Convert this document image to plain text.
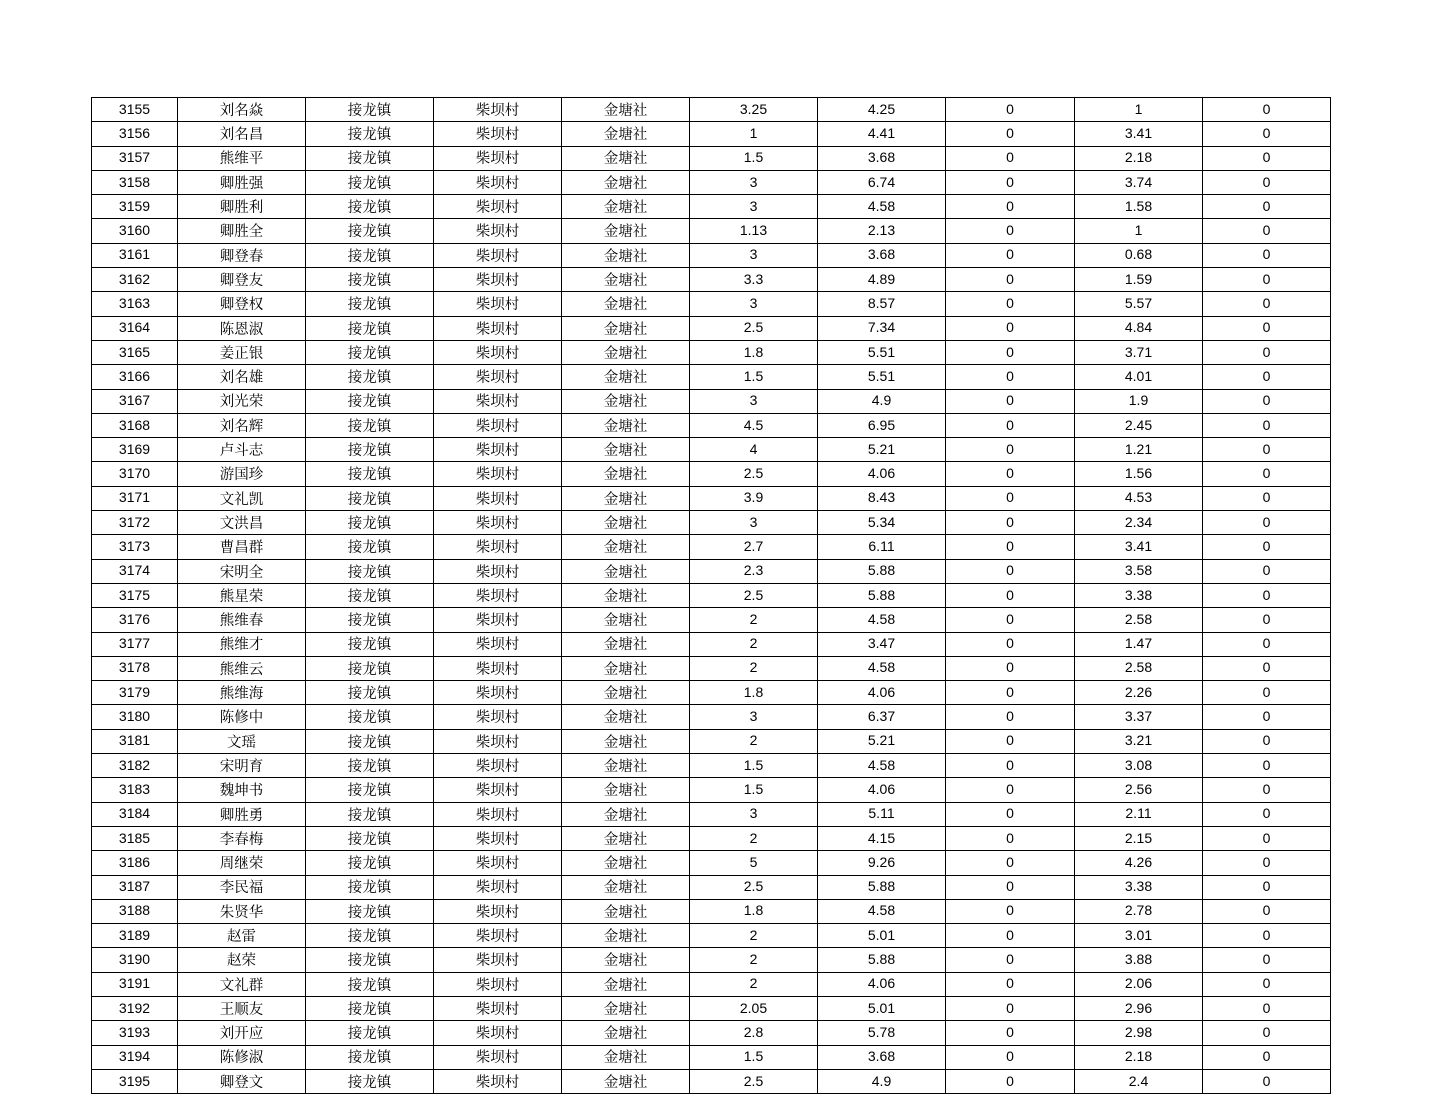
3155	刘名焱	接龙镇	柴坝村	金塘社	3.25	4.25	0	1	0
3156	刘名昌	接龙镇	柴坝村	金塘社	1	4.41	0	3.41	0
3157	熊维平	接龙镇	柴坝村	金塘社	1.5	3.68	0	2.18	0
3158	卿胜强	接龙镇	柴坝村	金塘社	3	6.74	0	3.74	0
3159	卿胜利	接龙镇	柴坝村	金塘社	3	4.58	0	1.58	0
3160	卿胜全	接龙镇	柴坝村	金塘社	1.13	2.13	0	1	0
3161	卿登春	接龙镇	柴坝村	金塘社	3	3.68	0	0.68	0
3162	卿登友	接龙镇	柴坝村	金塘社	3.3	4.89	0	1.59	0
3163	卿登权	接龙镇	柴坝村	金塘社	3	8.57	0	5.57	0
3164	陈恩淑	接龙镇	柴坝村	金塘社	2.5	7.34	0	4.84	0
3165	姜正银	接龙镇	柴坝村	金塘社	1.8	5.51	0	3.71	0
3166	刘名雄	接龙镇	柴坝村	金塘社	1.5	5.51	0	4.01	0
3167	刘光荣	接龙镇	柴坝村	金塘社	3	4.9	0	1.9	0
3168	刘名辉	接龙镇	柴坝村	金塘社	4.5	6.95	0	2.45	0
3169	卢斗志	接龙镇	柴坝村	金塘社	4	5.21	0	1.21	0
3170	游国珍	接龙镇	柴坝村	金塘社	2.5	4.06	0	1.56	0
3171	文礼凯	接龙镇	柴坝村	金塘社	3.9	8.43	0	4.53	0
3172	文洪昌	接龙镇	柴坝村	金塘社	3	5.34	0	2.34	0
3173	曹昌群	接龙镇	柴坝村	金塘社	2.7	6.11	0	3.41	0
3174	宋明全	接龙镇	柴坝村	金塘社	2.3	5.88	0	3.58	0
3175	熊星荣	接龙镇	柴坝村	金塘社	2.5	5.88	0	3.38	0
3176	熊维春	接龙镇	柴坝村	金塘社	2	4.58	0	2.58	0
3177	熊维才	接龙镇	柴坝村	金塘社	2	3.47	0	1.47	0
3178	熊维云	接龙镇	柴坝村	金塘社	2	4.58	0	2.58	0
3179	熊维海	接龙镇	柴坝村	金塘社	1.8	4.06	0	2.26	0
3180	陈修中	接龙镇	柴坝村	金塘社	3	6.37	0	3.37	0
3181	文瑶	接龙镇	柴坝村	金塘社	2	5.21	0	3.21	0
3182	宋明育	接龙镇	柴坝村	金塘社	1.5	4.58	0	3.08	0
3183	魏坤书	接龙镇	柴坝村	金塘社	1.5	4.06	0	2.56	0
3184	卿胜勇	接龙镇	柴坝村	金塘社	3	5.11	0	2.11	0
3185	李春梅	接龙镇	柴坝村	金塘社	2	4.15	0	2.15	0
3186	周继荣	接龙镇	柴坝村	金塘社	5	9.26	0	4.26	0
3187	李民福	接龙镇	柴坝村	金塘社	2.5	5.88	0	3.38	0
3188	朱贤华	接龙镇	柴坝村	金塘社	1.8	4.58	0	2.78	0
3189	赵雷	接龙镇	柴坝村	金塘社	2	5.01	0	3.01	0
3190	赵荣	接龙镇	柴坝村	金塘社	2	5.88	0	3.88	0
3191	文礼群	接龙镇	柴坝村	金塘社	2	4.06	0	2.06	0
3192	王顺友	接龙镇	柴坝村	金塘社	2.05	5.01	0	2.96	0
3193	刘开应	接龙镇	柴坝村	金塘社	2.8	5.78	0	2.98	0
3194	陈修淑	接龙镇	柴坝村	金塘社	1.5	3.68	0	2.18	0
3195	卿登文	接龙镇	柴坝村	金塘社	2.5	4.9	0	2.4	0
